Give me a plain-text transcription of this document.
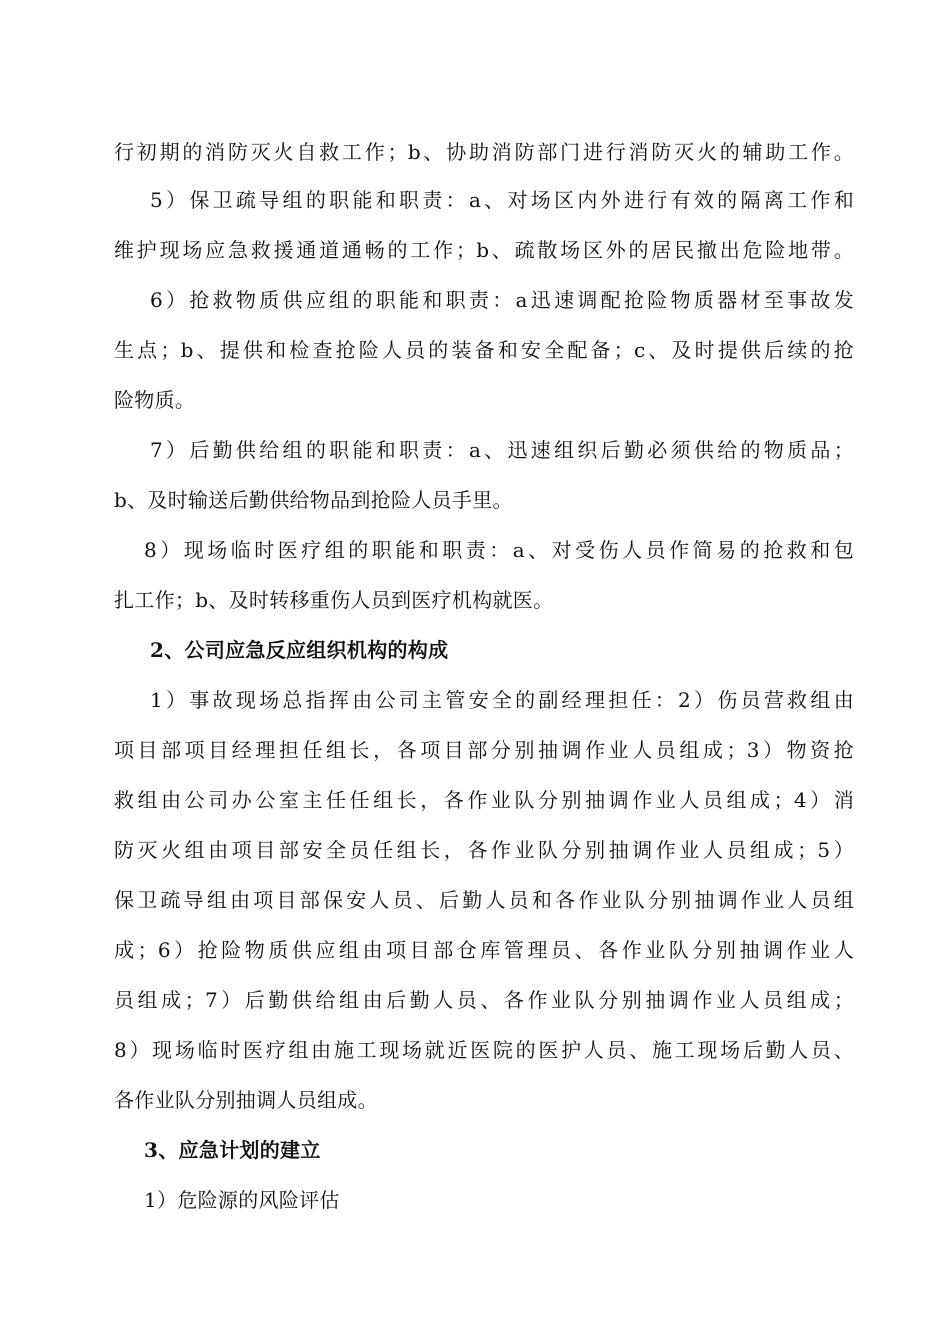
行初期的消防灭火自救工作；b、协助消防部门进行消防灭火的辅助工作。
5）保卫疏导组的职能和职责：a、对场区内外进行有效的隔离工作和
维护现场应急救援通道通畅的工作；b、疏散场区外的居民撤出危险地带。
6）抢救物质供应组的职能和职责：a迅速调配抢险物质器材至事故发
生点；b、提供和检查抢险人员的装备和安全配备；c、及时提供后续的抢
险物质。
7）后勤供给组的职能和职责：a、迅速组织后勤必须供给的物质品；
b、及时输送后勤供给物品到抢险人员手里。
8）现场临时医疗组的职能和职责：a、对受伤人员作简易的抢救和包
扎工作；b、及时转移重伤人员到医疗机构就医。
2、公司应急反应组织机构的构成
1）事故现场总指挥由公司主管安全的副经理担任：2）伤员营救组由
项目部项目经理担任组长，各项目部分别抽调作业人员组成；3）物资抢
救组由公司办公室主任任组长，各作业队分别抽调作业人员组成；4）消
防灭火组由项目部安全员任组长，各作业队分别抽调作业人员组成；5）
保卫疏导组由项目部保安人员、后勤人员和各作业队分别抽调作业人员组
成；6）抢险物质供应组由项目部仓库管理员、各作业队分别抽调作业人
员组成；7）后勤供给组由后勤人员、各作业队分别抽调作业人员组成；
8）现场临时医疗组由施工现场就近医院的医护人员、施工现场后勤人员、
各作业队分别抽调人员组成。
3、应急计划的建立
1）危险源的风险评估
